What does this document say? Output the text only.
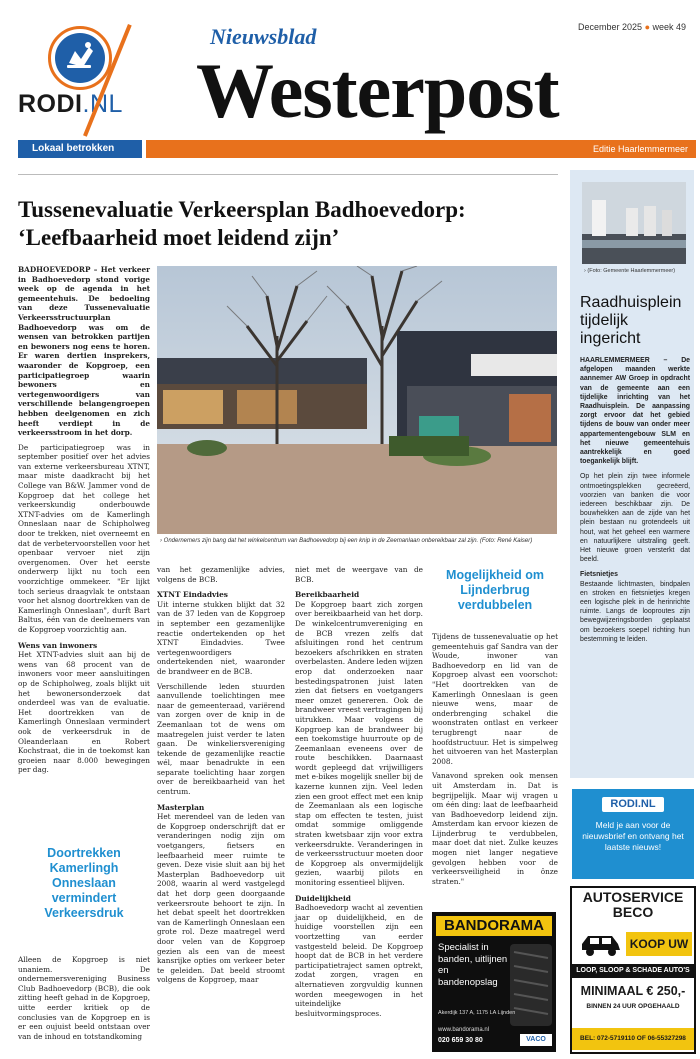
RODI.NL
Nieuwsblad
Westerpost
December 2025 ● week 49
Lokaal betrokken	Editie Haarlemmermeer
Tussenevaluatie Verkeersplan Badhoevedorp:
‘Leefbaarheid moet leidend zijn’

BADHOEVEDORP – Het verkeer in Badhoevedorp stond vorige week op de agenda in het gemeentehuis. De bedoeling van deze Tussenevaluatie Verkeersstructuurplan Badhoevedorp was om de wensen van betrokken partijen en bewoners nog eens te horen. Er waren dertien insprekers, waaronder de Kopgroep, een participatiegroep waarin bewoners en vertegenwoordigers van verschillende belangengroepen hebben deelgenomen en zich heeft verdiept in de verkeersstroom in het dorp.

De participatiegroep was in september positief over het advies van externe verkeersbureau XTNT, maar miste daadkracht bij het College van B&W. Jammer vond de Kopgroep dat het college het verkeerskundig onderbouwde XTNT-advies om de Kamerlingh Onneslaan naar de Schipholweg door te trekken, niet overneemt en dat de verbetervoorstellen voor het openbaar vervoer niet zijn overgenomen. Over het eerste onderwerp lijkt nu toch een voorzichtige ommekeer. "Er lijkt toch serieus draagvlak te ontstaan voor het alsnog doortrekken van de Kamerlingh Onneslaan", durft Bart Baltus, één van de deelnemers van de Kopgroep voorzichtig aan.

Wens van inwoners

Het XTNT-advies sluit aan bij de wens van 68 procent van de inwoners voor meer aansluitingen op de Schipholweg, zoals blijkt uit het bewonersonderzoek dat onderdeel was van de evaluatie. Het doortrekken van de Kamerlingh Onneslaan vermindert ook de verkeersdruk in de Oleanderlaan en Robert Kochstraat, die in de toekomst kan groeien naar 8.000 bewegingen per dag.

Doortrekken Kamerlingh Onneslaan vermindert Verkeersdruk

Alleen de Kopgroep is niet unaniem. De ondernemersvereniging Business Club Badhoevedorp (BCB), die ook zitting heeft gehad in de Kopgroep, uitte eerder kritiek op de conclusies van de Kopgroep en is er een oujuist beeld ontstaan over van de inhoud en totstandkoming

› Ondernemers zijn bang dat het winkelcentrum van Badhoevedorp bij een knip in de Zeemanlaan onbereikbaar zal zijn. (Foto: René Kaiser)

van het gezamenlijke advies, volgens de BCB.

XTNT Eindadvies

Uit interne stukken blijkt dat 32 van de 37 leden van de Kopgroep in september een gezamenlijke reactie ondertekenden op het XTNT Eindadvies. Twee vertegenwoordigers ondertekenden niet, waaronder de brandweer en de BCB.

Verschillende leden stuurden aanvullende toelichtingen mee naar de gemeenteraad, variërend van zorgen over de knip in de Zeemanlaan tot de wens om maatregelen juist verder te laten gaan. De winkeliersvereniging tekende de gezamenlijke reactie wél, maar benadrukte in een separate toelichting haar zorgen over de bereikbaarheid van het centrum.

Masterplan

Het merendeel van de leden van de Kopgroep onderschrijft dat er veranderingen nodig zijn om voetgangers, fietsers en leefbaarheid meer ruimte te geven. Deze visie sluit aan bij het Masterplan Badhoevedorp uit 2008, waarin al werd vastgelegd dat het dorp geen doorgaande verkeersroute behoort te zijn. In het debat speelt het doortrekken van de Kamerlingh Onneslaan een grote rol. Deze maatregel werd door velen van de Kopgroep gezien als een van de meest kansrijke opties om verkeer beter te geleiden. Dat beeld stroomt volgens de Kopgroep, maar

niet met de weergave van de BCB.

Bereikbaarheid

De Kopgroep baart zich zorgen over bereikbaarheid van het dorp. De winkelcentrumvereniging en de BCB vrezen zelfs dat afsluitingen rond het centrum bezoekers afschrikken en straten overbelasten. Andere leden wijzen erop dat onderzoeken naar bestedingspatronen juist laten zien dat fietsers en voetgangers meer omzet genereren. Ook de brandweer vreest vertragingen bij uitrukken. Maar volgens de Kopgroep kan de brandweer bij een toekomstige huurroute op de Zeemanlaan eveneens over de route beschikken. Daarnaast wordt gepleegd dat vrijwilligers met e-bikes mogelijk sneller bij de kazerne kunnen zijn. Veel leden zien een groot effect met een knip de Zeemanlaan als een logische stap om effecten te testen, juist omdat sommige omliggende straten kwetsbaar zijn voor extra verkeersdrukte. Veranderingen in de verkeersstructuur moeten door de Kopgroep als onvermijdelijk gezien, waarbij pilots en monitoring essentieel blijven.

Duidelijkheid

Badhoevedorp wacht al zeventien jaar op duidelijkheid, en de huidige voorstellen zijn een voortzetting van eerder vastgesteld beleid. De Kopgroep hoopt dat de BCB in het verdere participatietraject samen optrekt, zodat zorgen, vragen en alternatieven zorgvuldig kunnen worden meegewogen in het uiteindelijke besluitvormingsproces.

Mogelijkheid om Lijnderbrug verdubbelen

Tijdens de tussenevaluatie op het gemeentehuis gaf Sandra van der Woude, inwoner van Badhoevedorp en lid van de Kopgroep alvast een voorschot: "Het doortrekken van de Kamerlingh Onneslaan is geen nieuwe wens, maar de onderbrenging schakel die woonstraten ontlast en verkeer terugbrengt naar de hoofdstructuur. Het is simpelweg het uitvoeren van het Masterplan 2008.

Vanavond spreken ook mensen uit Amsterdam in. Dat is begrijpelijk. Maar wij vragen u om één ding: laat de leefbaarheid van Badhoevedorp leidend zijn. Amsterdam kan ervoor kiezen de Lijnderbrug te verdubbelen, maar doet dat niet. Zulke keuzes mogen niet langer negatieve gevolgen hebben voor de verkeersveiligheid in ônze straten."

› (Foto: Gemeente Haarlemmermeer)
Raadhuisplein tijdelijk ingericht

HAARLEMMERMEER – De afgelopen maanden werkte aannemer AW Groep in opdracht van de gemeente aan een tijdelijke inrichting van het Raadhuisplein. De aanpassing zorgt ervoor dat het gebied tijdens de bouw van onder meer appartementengebouw SLM en het nieuwe gemeentehuis aantrekkelijk en goed toegankelijk blijft.

Op het plein zijn twee informele ontmoetingsplekken gecreëerd, voorzien van banken die voor iedereen beschikbaar zijn. De bouwhekken aan de zijde van het plein bestaan nu grotendeels uit hout, wat het geheel een warmere en natuurlijkere uitstraling geeft. Het nieuwe groen versterkt dat beeld.

Fietsnietjes

Bestaande lichtmasten, bindpalen en stroken en fietsnietjes kregen een logische plek in de herinrichte ruimte. Langs de looproutes zijn bewegwijzeringsborden geplaatst om bezoekers soepel richting hun bestemming te leiden.

RODI.NL
Meld je aan voor de nieuwsbrief en ontvang het laatste nieuws!
BANDORAMA
Specialist in banden, uitlijnen en bandenopslag
Akerdijk 137 A, 1175 LA Lijnden
www.bandorama.nl
020 659 30 80	VACO
AUTOSERVICE
BECO
KOOP UW
LOOP, SLOOP & SCHADE AUTO'S
MINIMAAL € 250,-
BINNEN 24 UUR OPGEHAALD
BEL: 072-5719110 OF 06-55327298
